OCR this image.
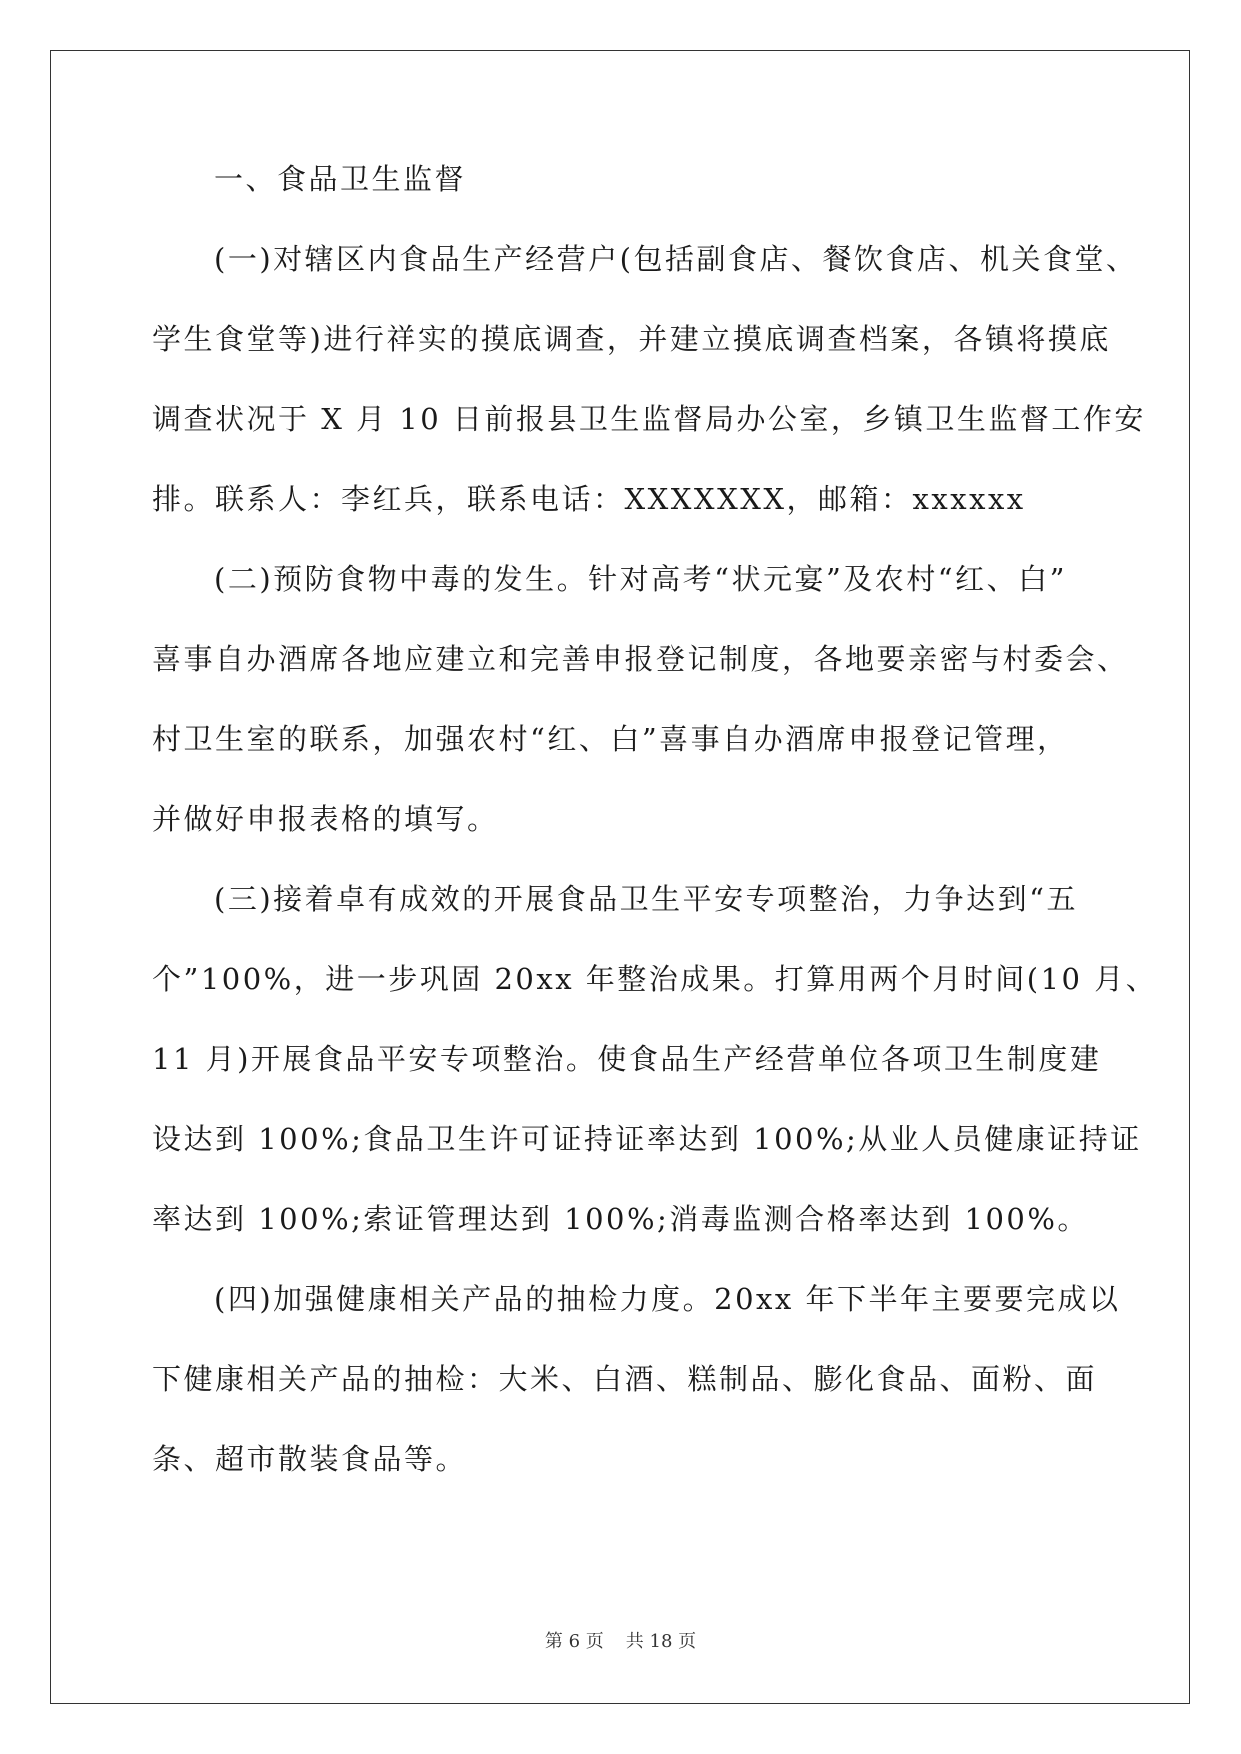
一、食品卫生监督
(一)对辖区内食品生产经营户(包括副食店、餐饮食店、机关食堂、
学生食堂等)进行祥实的摸底调查，并建立摸底调查档案，各镇将摸底
调查状况于 X 月 10 日前报县卫生监督局办公室，乡镇卫生监督工作安
排。联系人：李红兵，联系电话：XXXXXXX，邮箱：xxxxxx
(二)预防食物中毒的发生。针对高考“状元宴”及农村“红、白”
喜事自办酒席各地应建立和完善申报登记制度，各地要亲密与村委会、
村卫生室的联系，加强农村“红、白”喜事自办酒席申报登记管理，
并做好申报表格的填写。
(三)接着卓有成效的开展食品卫生平安专项整治，力争达到“五
个”100%，进一步巩固 20xx 年整治成果。打算用两个月时间(10 月、
11 月)开展食品平安专项整治。使食品生产经营单位各项卫生制度建
设达到 100%;食品卫生许可证持证率达到 100%;从业人员健康证持证
率达到 100%;索证管理达到 100%;消毒监测合格率达到 100%。
(四)加强健康相关产品的抽检力度。20xx 年下半年主要要完成以
下健康相关产品的抽检：大米、白酒、糕制品、膨化食品、面粉、面
条、超市散装食品等。
第 6 页 共 18 页
